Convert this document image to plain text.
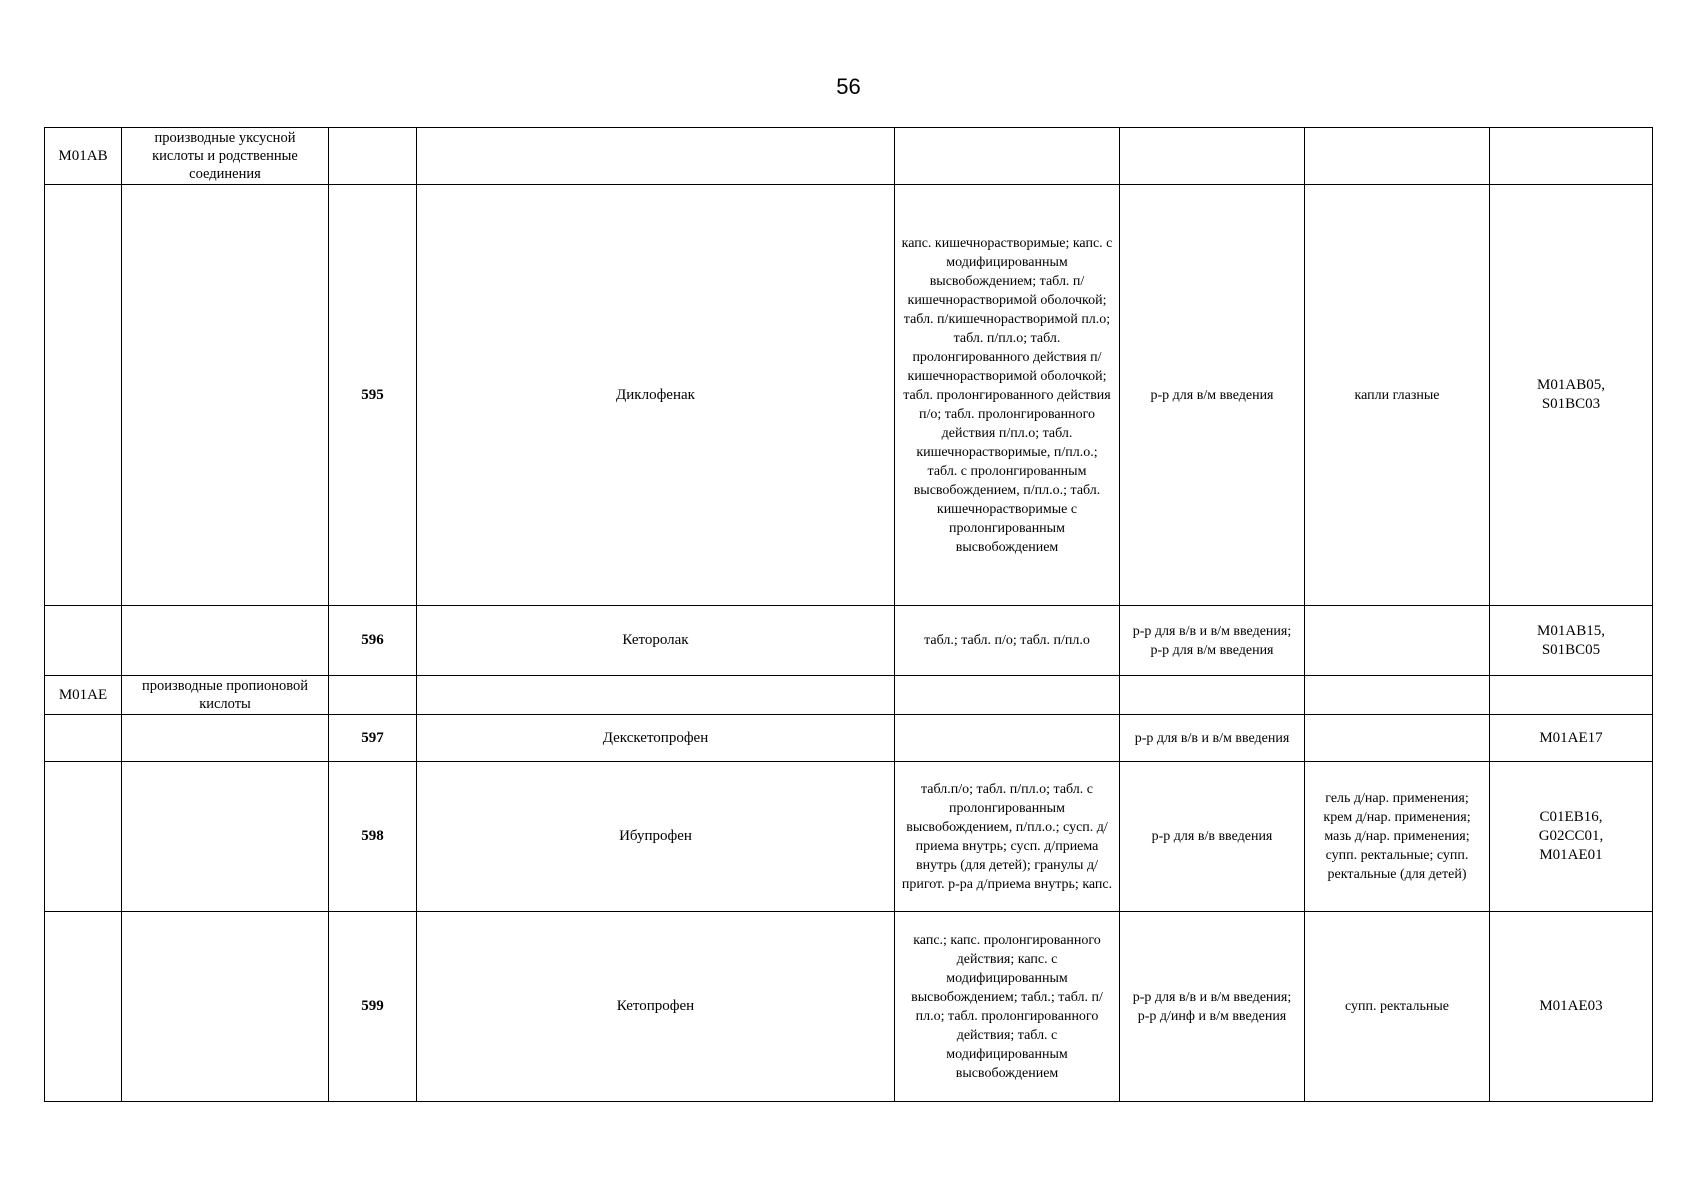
56
M01AB	производные уксусной кислоты и родственные соединения						
		595	Диклофенак	капс. кишечнорастворимые; капс. с модифицированным высвобождением; табл. п/кишечнорастворимой оболочкой; табл. п/кишечнорастворимой пл.о; табл. п/пл.о; табл. пролонгированного действия п/кишечнорастворимой оболочкой; табл. пролонгированного действия п/о; табл. пролонгированного действия п/пл.о; табл. кишечнорастворимые, п/пл.о.; табл. с пролонгированным высвобождением, п/пл.о.; табл. кишечнорастворимые с пролонгированным высвобождением	р-р для в/м введения	капли глазные	M01AB05,
S01BC03
		596	Кеторолак	табл.; табл. п/о; табл. п/пл.о	р-р для в/в и в/м введения; р-р для в/м введения		M01AB15,
S01BC05
M01AE	производные пропионовой кислоты						
		597	Декскетопрофен		р-р для в/в и в/м введения		M01AE17
		598	Ибупрофен	табл.п/о; табл. п/пл.о; табл. с пролонгированным высвобождением, п/пл.о.; сусп. д/приема внутрь; сусп. д/приема внутрь (для детей); гранулы д/пригот. р-ра д/приема внутрь; капс.	р-р для в/в введения	гель д/нар. применения; крем д/нар. применения; мазь д/нар. применения; супп. ректальные; супп. ректальные (для детей)	C01EB16,
G02CC01,
M01AE01
		599	Кетопрофен	капс.; капс. пролонгированного действия; капс. с модифицированным высвобождением; табл.; табл. п/пл.о; табл. пролонгированного действия; табл. с модифицированным высвобождением	р-р для в/в и в/м введения; р-р д/инф и в/м введения	супп. ректальные	M01AE03
